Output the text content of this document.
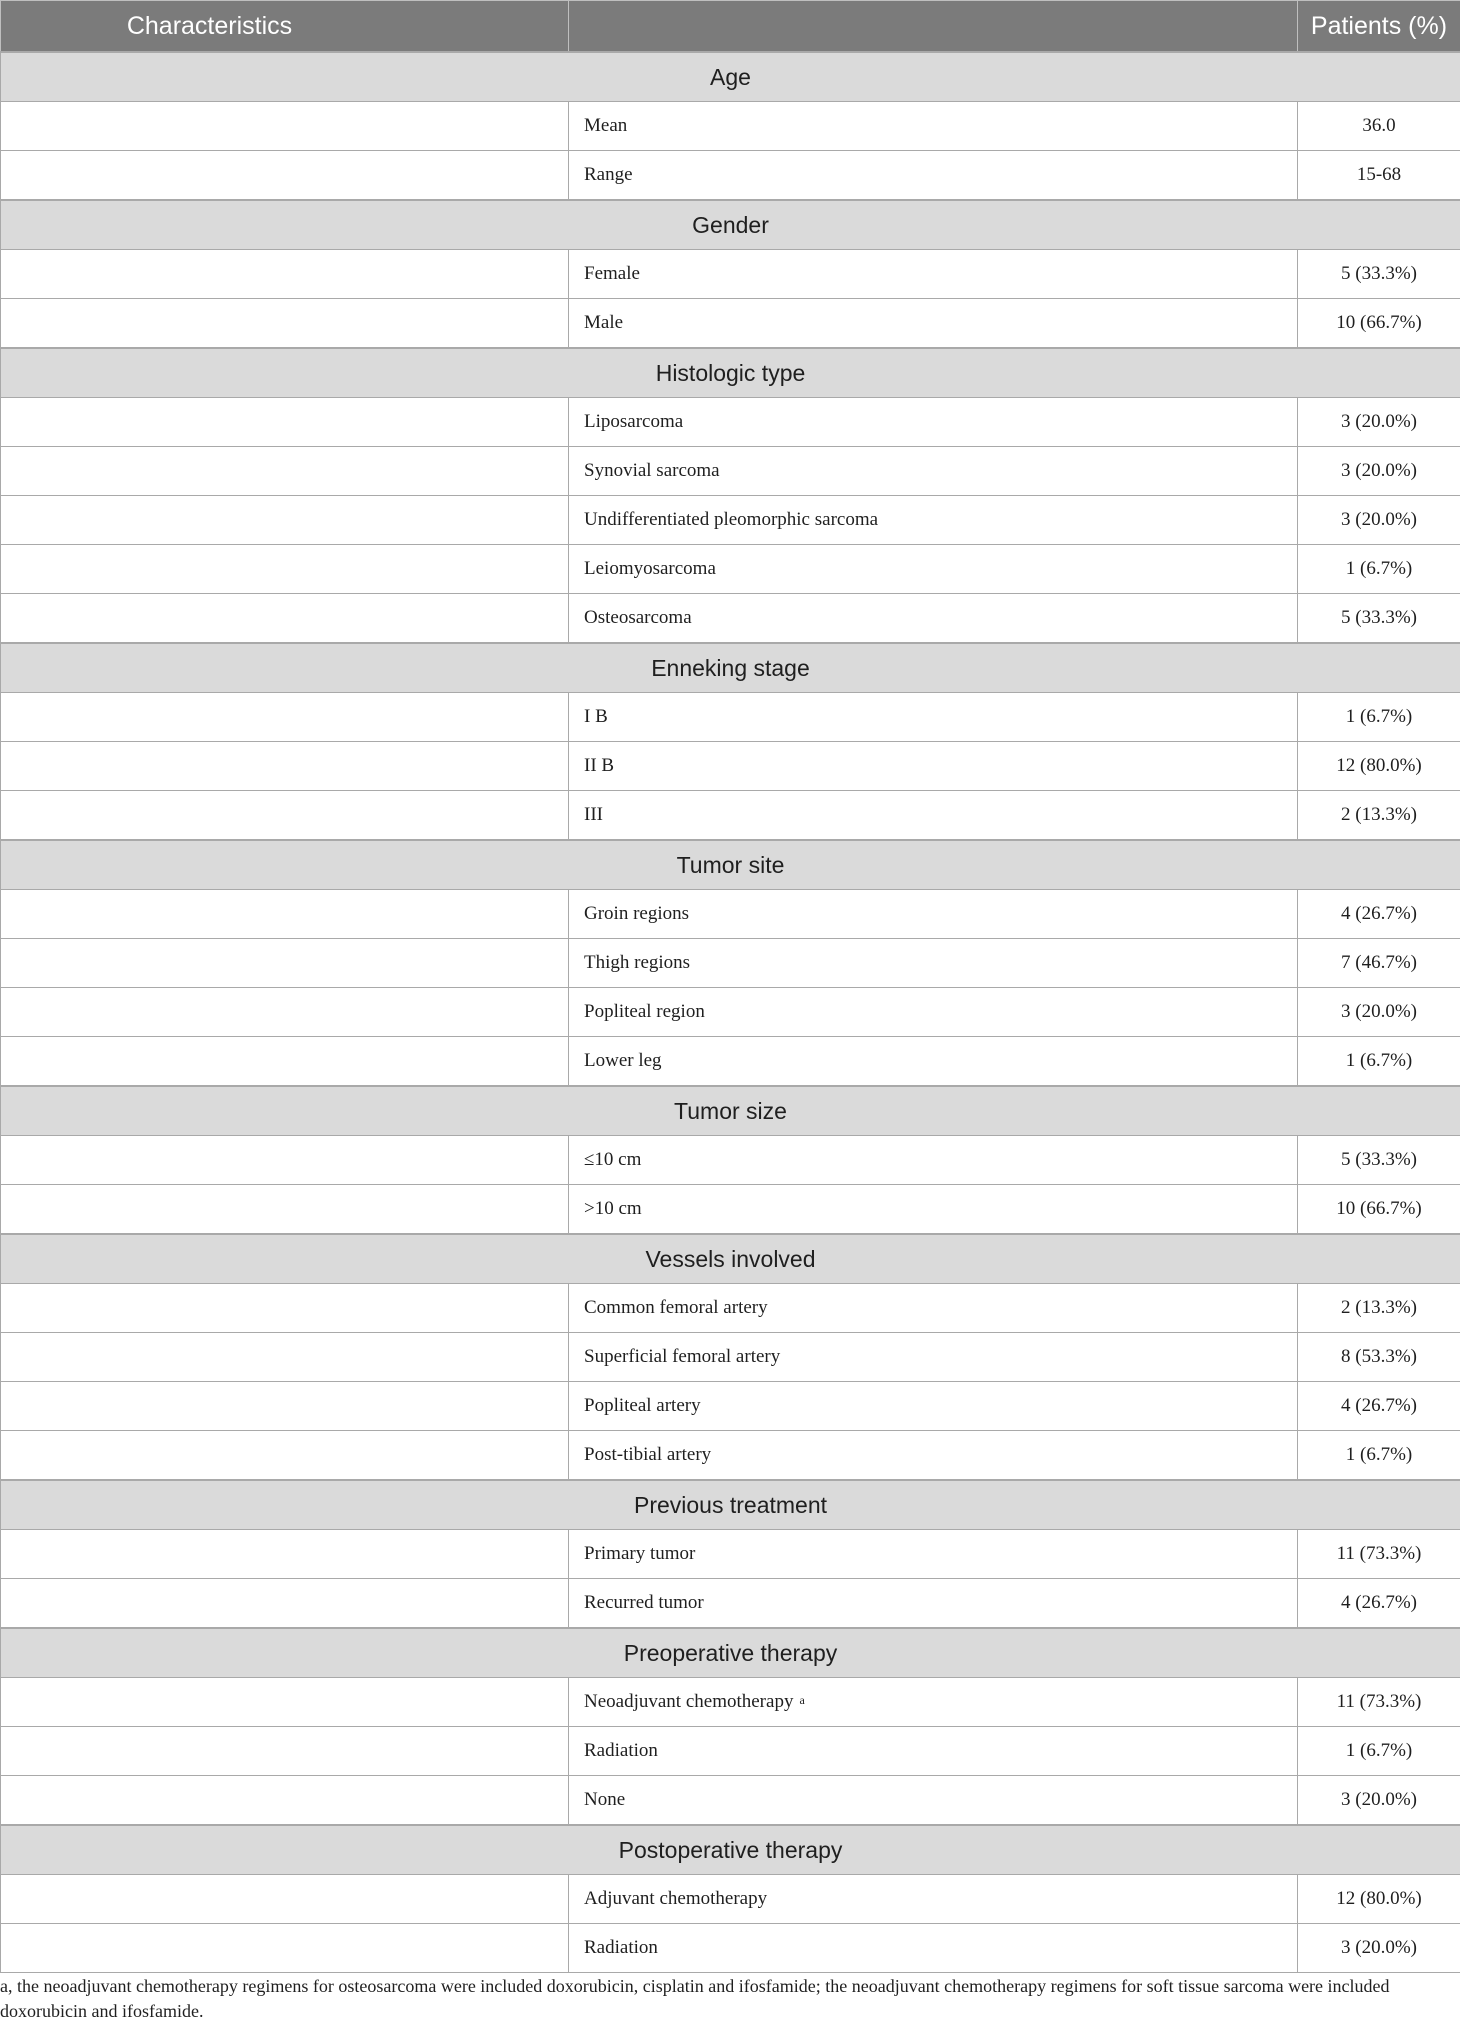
Characteristics		Patients (%)
Age		
	Mean	36.0
	Range	15-68
Gender		
	Female	5 (33.3%)
	Male	10 (66.7%)
Histologic type		
	Liposarcoma	3 (20.0%)
	Synovial sarcoma	3 (20.0%)
	Undifferentiated pleomorphic sarcoma	3 (20.0%)
	Leiomyosarcoma	1 (6.7%)
	Osteosarcoma	5 (33.3%)
Enneking stage		
	I B	1 (6.7%)
	II B	12 (80.0%)
	III	2 (13.3%)
Tumor site		
	Groin regions	4 (26.7%)
	Thigh regions	7 (46.7%)
	Popliteal region	3 (20.0%)
	Lower leg	1 (6.7%)
Tumor size		
	≤10 cm	5 (33.3%)
	>10 cm	10 (66.7%)
Vessels involved		
	Common femoral artery	2 (13.3%)
	Superficial femoral artery	8 (53.3%)
	Popliteal artery	4 (26.7%)
	Post-tibial artery	1 (6.7%)
Previous treatment		
	Primary tumor	11 (73.3%)
	Recurred tumor	4 (26.7%)
Preoperative therapy		
	Neoadjuvant chemotherapy $^a$	11 (73.3%)
	Radiation	1 (6.7%)
	None	3 (20.0%)
Postoperative therapy		
	Adjuvant chemotherapy	12 (80.0%)
	Radiation	3 (20.0%)

a, the neoadjuvant chemotherapy regimens for osteosarcoma were included doxorubicin, cisplatin and ifosfamide; the neoadjuvant chemotherapy regimens for soft tissue sarcoma were included doxorubicin and ifosfamide.
